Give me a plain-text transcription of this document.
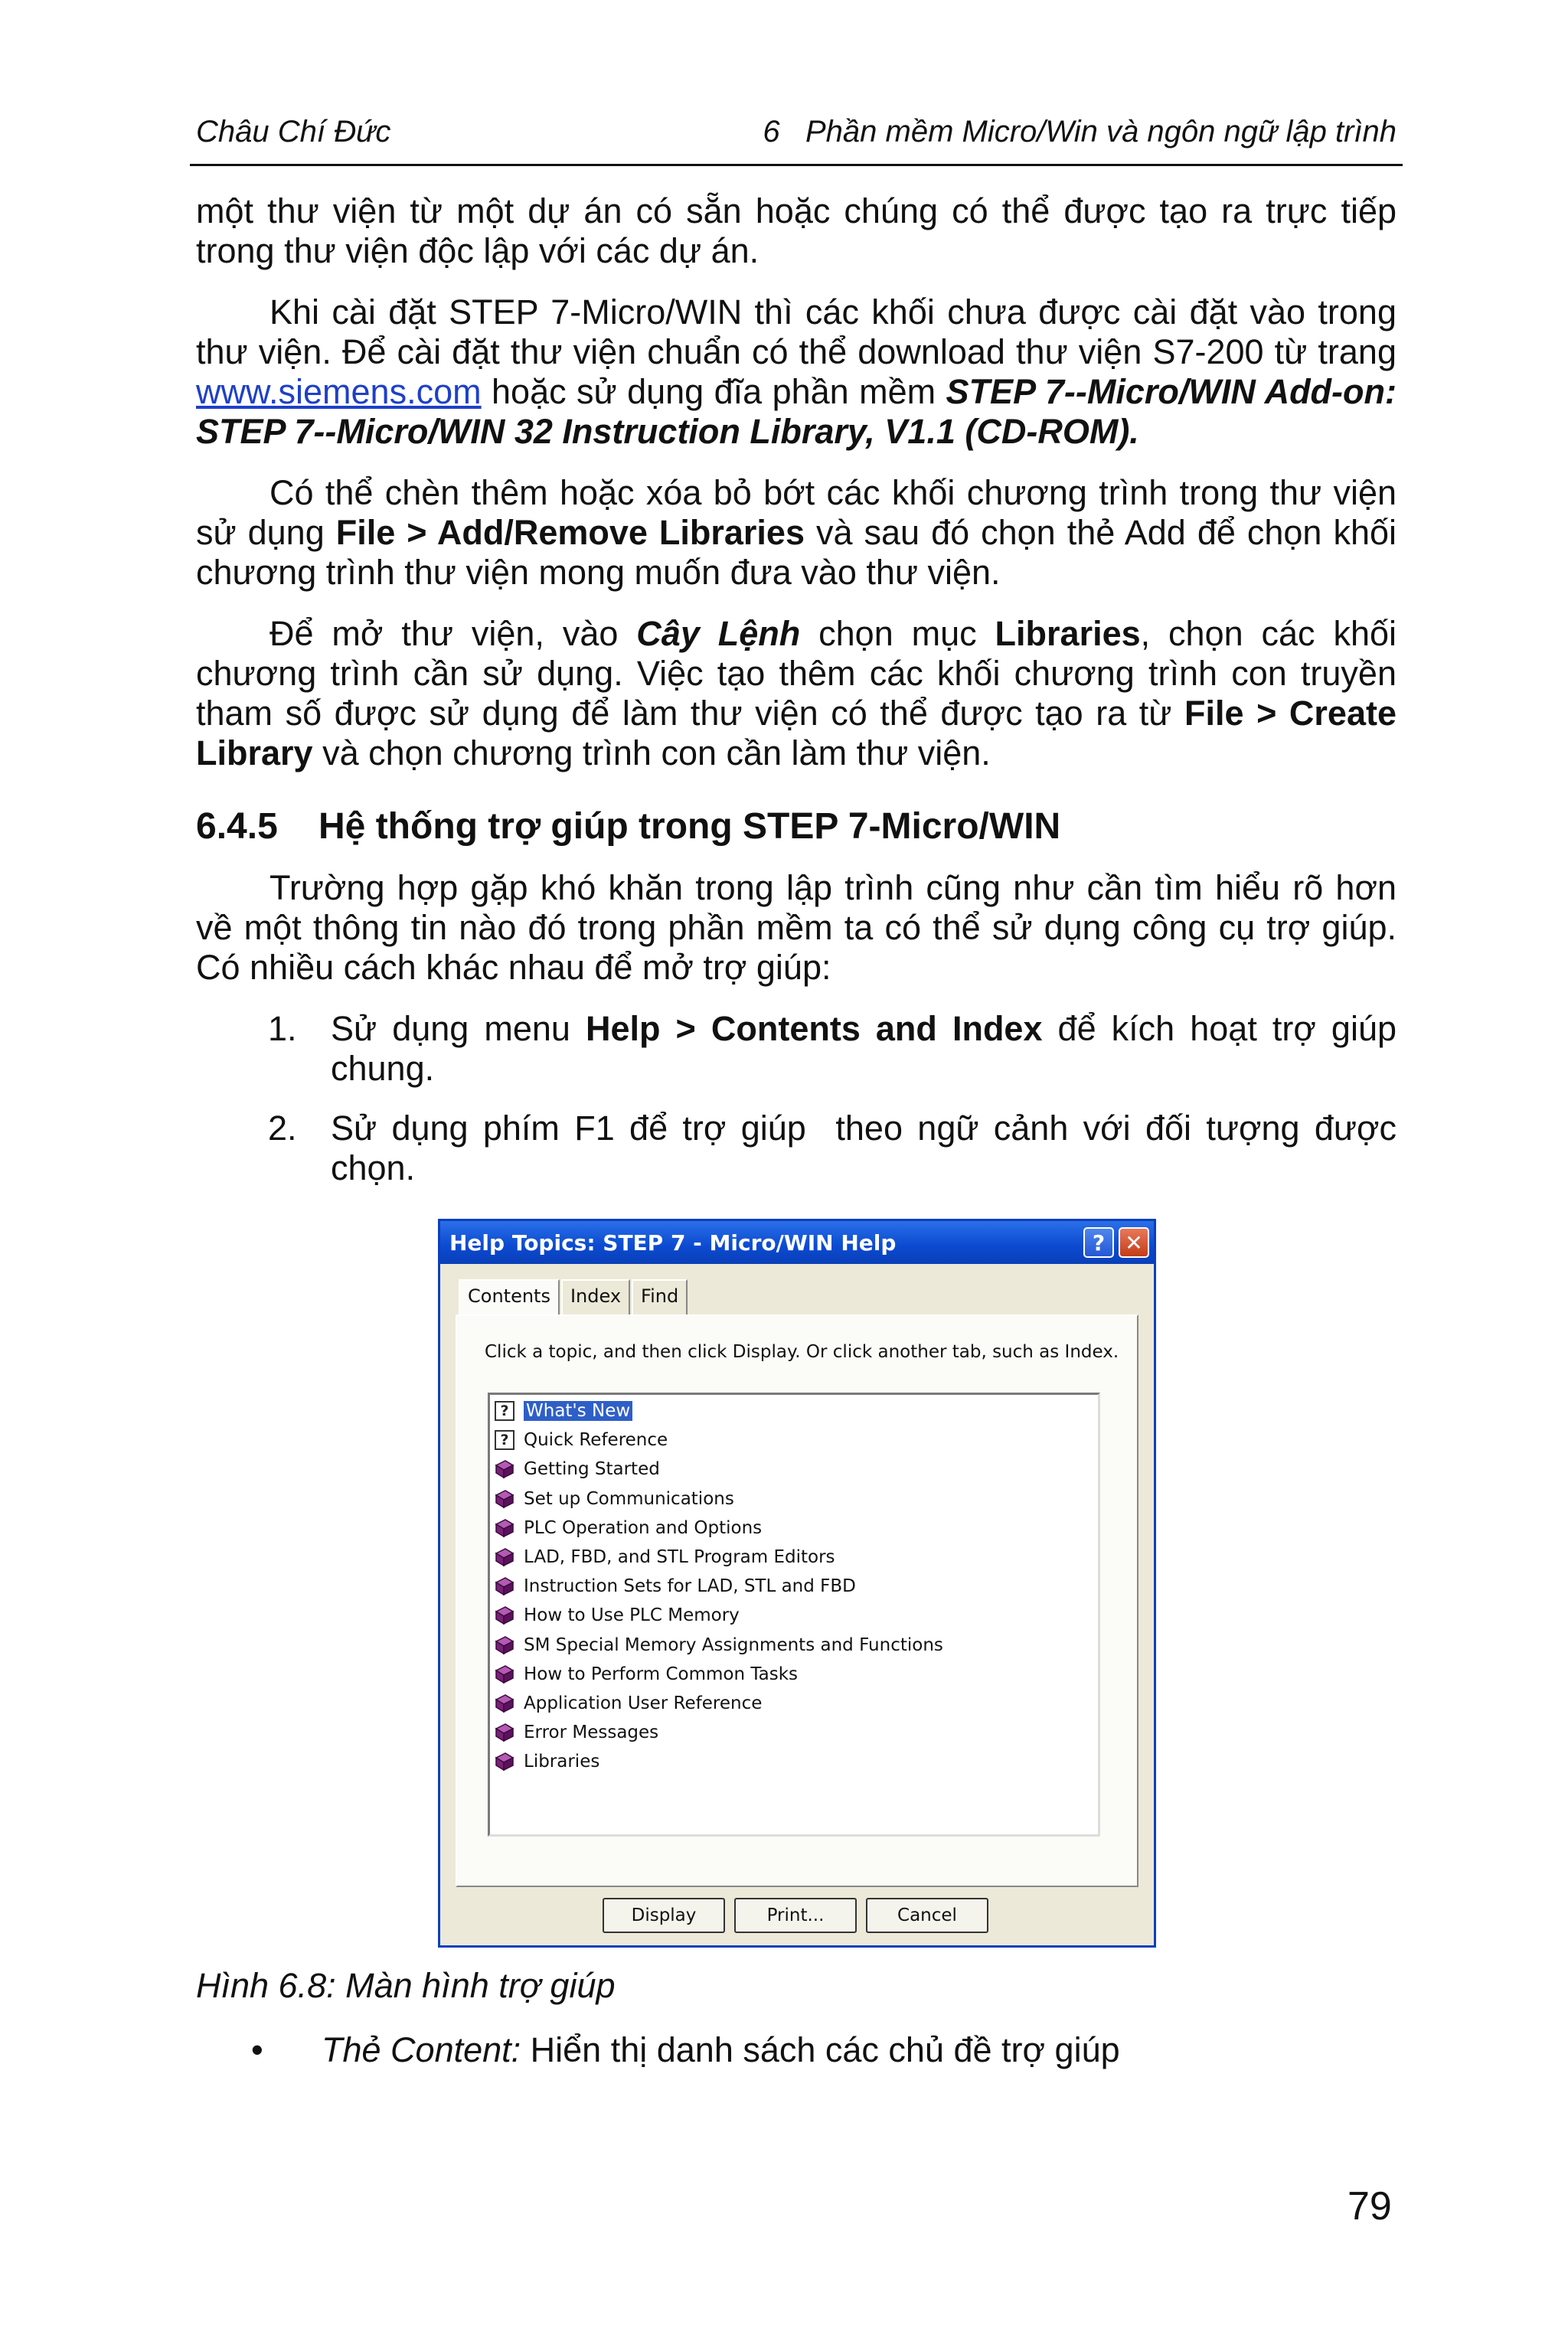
Châu Chí Đức	6   Phần mềm Micro/Win và ngôn ngữ lập trình

một thư viện từ một dự án có sẵn hoặc chúng có thể được tạo ra trực tiếp trong thư viện độc lập với các dự án.

Khi cài đặt STEP 7-Micro/WIN thì các khối chưa được cài đặt vào trong thư viện. Để cài đặt thư viện chuẩn có thể download thư viện S7-200 từ trang www.siemens.com hoặc sử dụng đĩa phần mềm STEP 7--Micro/WIN Add-on: STEP 7--Micro/WIN 32 Instruction Library, V1.1 (CD-ROM).

Có thể chèn thêm hoặc xóa bỏ bớt các khối chương trình trong thư viện sử dụng File > Add/Remove Libraries và sau đó chọn thẻ Add để chọn khối chương trình thư viện mong muốn đưa vào thư viện.

Để mở thư viện, vào Cây Lệnh chọn mục Libraries, chọn các khối chương trình cần sử dụng. Việc tạo thêm các khối chương trình con truyền tham số được sử dụng để làm thư viện có thể được tạo ra từ File > Create Library và chọn chương trình con cần làm thư viện.

6.4.5 Hệ thống trợ giúp trong STEP 7-Micro/WIN

Trường hợp gặp khó khăn trong lập trình cũng như cần tìm hiểu rõ hơn về một thông tin nào đó trong phần mềm ta có thể sử dụng công cụ trợ giúp. Có nhiều cách khác nhau để mở trợ giúp:

1. Sử dụng menu Help > Contents and Index để kích hoạt trợ giúp chung.
2. Sử dụng phím F1 để trợ giúp  theo ngữ cảnh với đối tượng được chọn.
Help Topics: STEP 7 - Micro/WIN Help	? ✕
Contents	Index	Find
Click a topic, and then click Display. Or click another tab, such as Index.
? What's New
? Quick Reference
Getting Started
Set up Communications
PLC Operation and Options
LAD, FBD, and STL Program Editors
Instruction Sets for LAD, STL and FBD
How to Use PLC Memory
SM Special Memory Assignments and Functions
How to Perform Common Tasks
Application User Reference
Error Messages
Libraries
Display	Print...	Cancel
Hình 6.8: Màn hình trợ giúp
•	Thẻ Content: Hiển thị danh sách các chủ đề trợ giúp
79
